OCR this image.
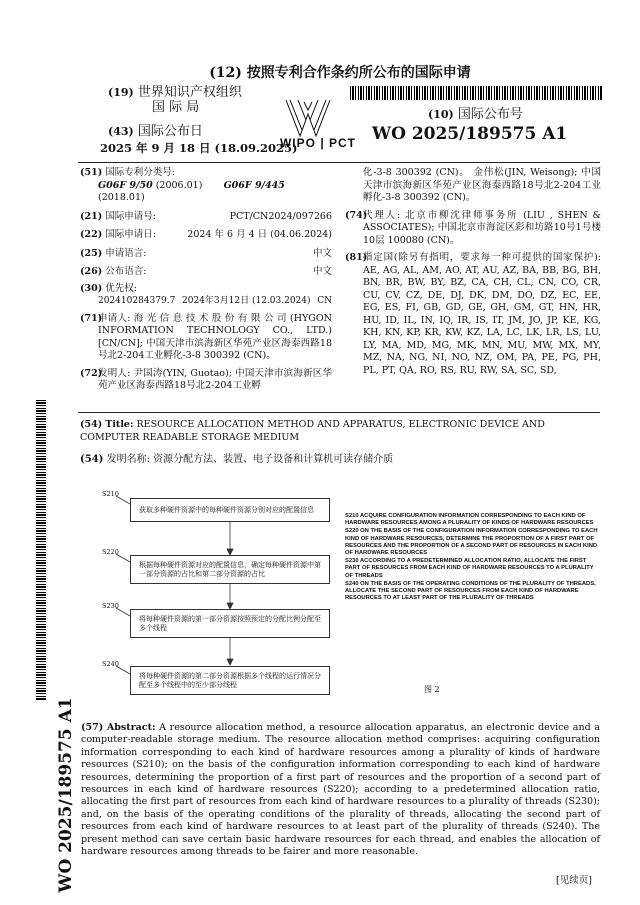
(12) 按照专利合作条约所公布的国际申请
(19) 世界知识产权组织
国 际 局
(43) 国际公布日
2025 年 9 月 18 日 (18.09.2025)
WIPO | PCT
(10) 国际公布号
WO 2025/189575 A1
(51) 国际专利分类号:
G06F 9/50 (2006.01) G06F 9/445 (2018.01)
(21) 国际申请号:	PCT/CN2024/097266
(22) 国际申请日:	2024 年 6 月 4 日 (04.06.2024)
(25) 申请语言:	中文
(26) 公布语言:	中文
(30) 优先权:
202410284379.7 2024年3月12日 (12.03.2024) CN
(71)
申请人: 海 光 信 息 技 术 股 份 有 限 公 司 (HYGON INFORMATION TECHNOLOGY CO., LTD.) [CN/CN]; 中国天津市滨海新区华苑产业区海泰西路18号北2-204工业孵化-3-8 300392 (CN)。
(72)
发明人: 尹国涛(YIN, Guotao); 中国天津市滨海新区华苑产业区海泰西路18号北2-204工业孵
化-3-8 300392 (CN)。 金伟松(JIN, Weisong); 中国天津市滨海新区华苑产业区海泰西路18号北2-204工业孵化-3-8 300392 (CN)。
(74)
代理人: 北京市柳沈律师事务所 (LIU , SHEN & ASSOCIATES); 中国北京市海淀区彩和坊路10号1号楼10层 100080 (CN)。
(81)
指定国(除另有指明，要求每一种可提供的国家保护): AE, AG, AL, AM, AO, AT, AU, AZ, BA, BB, BG, BH, BN, BR, BW, BY, BZ, CA, CH, CL, CN, CO, CR, CU, CV, CZ, DE, DJ, DK, DM, DO, DZ, EC, EE, EG, ES, FI, GB, GD, GE, GH, GM, GT, HN, HR, HU, ID, IL, IN, IQ, IR, IS, IT, JM, JO, JP, KE, KG, KH, KN, KP, KR, KW, KZ, LA, LC, LK, LR, LS, LU, LY, MA, MD, MG, MK, MN, MU, MW, MX, MY, MZ, NA, NG, NI, NO, NZ, OM, PA, PE, PG, PH, PL, PT, QA, RO, RS, RU, RW, SA, SC, SD,
(54) Title: RESOURCE ALLOCATION METHOD AND APPARATUS, ELECTRONIC DEVICE AND COMPUTER READABLE STORAGE MEDIUM
(54) 发明名称: 资源分配方法、装置、电子设备和计算机可读存储介质
S210
获取多种硬件资源中的每种硬件资源分别对应的配置信息
S220
根据每种硬件资源对应的配置信息，确定每种硬件资源中第一部分资源的占比和第二部分资源的占比
S230
将每种硬件资源的第一部分资源按照预定的分配比例分配至多个线程
S240
将每种硬件资源的第二部分资源根据多个线程的运行情况分配至多个线程中的至少部分线程
S210 ACQUIRE CONFIGURATION INFORMATION CORRESPONDING TO EACH KIND OF HARDWARE RESOURCES AMONG A PLURALITY OF KINDS OF HARDWARE RESOURCES
S220 ON THE BASIS OF THE CONFIGURATION INFORMATION CORRESPONDING TO EACH KIND OF HARDWARE RESOURCES, DETERMINE THE PROPORTION OF A FIRST PART OF RESOURCES AND THE PROPORTION OF A SECOND PART OF RESOURCES IN EACH KIND OF HARDWARE RESOURCES
S230 ACCORDING TO A PREDETERMINED ALLOCATION RATIO, ALLOCATE THE FIRST PART OF RESOURCES FROM EACH KIND OF HARDWARE RESOURCES TO A PLURALITY OF THREADS
S240 ON THE BASIS OF THE OPERATING CONDITIONS OF THE PLURALITY OF THREADS, ALLOCATE THE SECOND PART OF RESOURCES FROM EACH KIND OF HARDWARE RESOURCES TO AT LEAST PART OF THE PLURALITY OF THREADS
图 2
WO 2025/189575 A1 (57) Abstract: A resource allocation method, a resource allocation apparatus, an electronic device and a computer-readable storage medium. The resource allocation method comprises: acquiring configuration information corresponding to each kind of hardware resources among a plurality of kinds of hardware resources (S210); on the basis of the configuration information corresponding to each kind of hardware resources, determining the proportion of a first part of resources and the proportion of a second part of resources in each kind of hardware resources (S220); according to a predetermined allocation ratio, allocating the first part of resources from each kind of hardware resources to a plurality of threads (S230); and, on the basis of the operating conditions of the plurality of threads, allocating the second part of resources from each kind of hardware resources to at least part of the plurality of threads (S240). The present method can save certain basic hardware resources for each thread, and enables the allocation of hardware resources among threads to be fairer and more reasonable.
[见续页]
